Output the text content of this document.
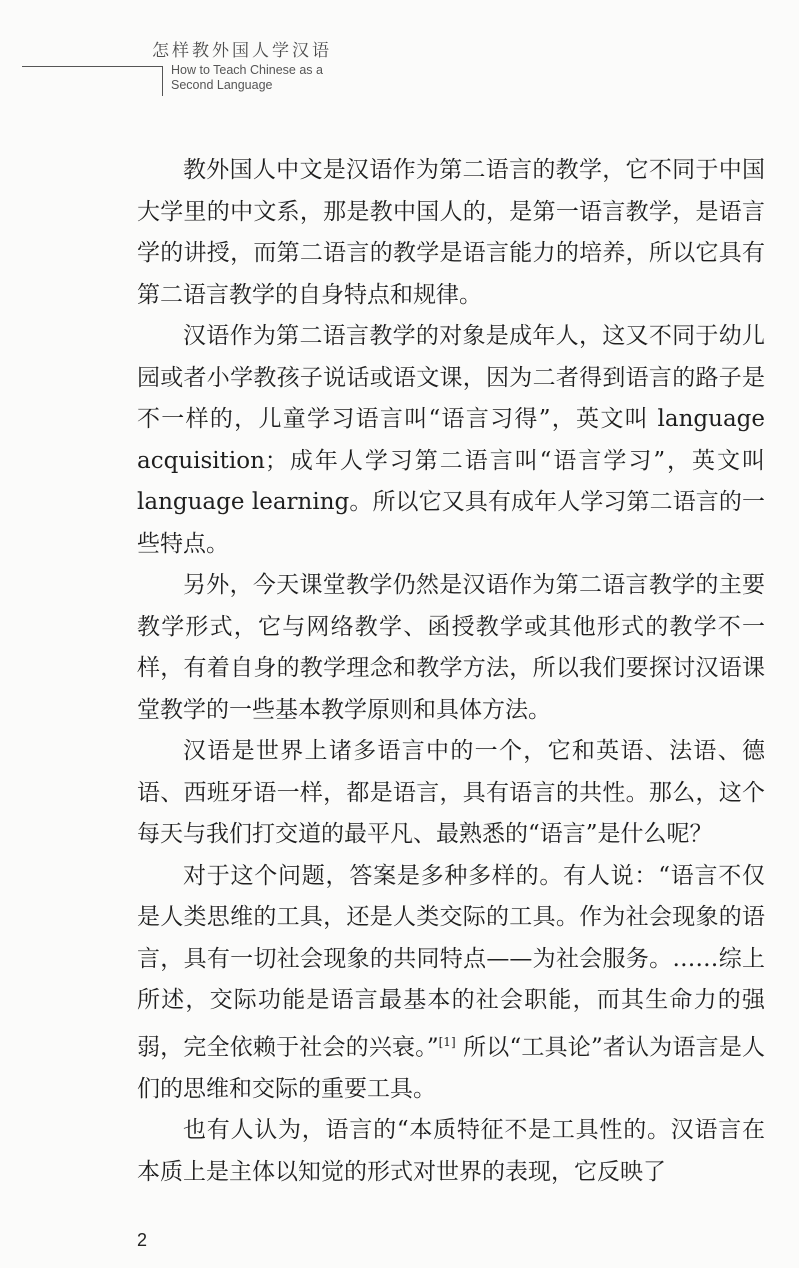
怎样教外国人学汉语
How to Teach Chinese as a
Second Language

教外国人中文是汉语作为第二语言的教学，它不同于中国大学里的中文系，那是教中国人的，是第一语言教学，是语言学的讲授，而第二语言的教学是语言能力的培养，所以它具有第二语言教学的自身特点和规律。

汉语作为第二语言教学的对象是成年人，这又不同于幼儿园或者小学教孩子说话或语文课，因为二者得到语言的路子是不一样的，儿童学习语言叫“语言习得”，英文叫 language acquisition；成年人学习第二语言叫“语言学习”，英文叫 language learning。所以它又具有成年人学习第二语言的一些特点。

另外，今天课堂教学仍然是汉语作为第二语言教学的主要教学形式，它与网络教学、函授教学或其他形式的教学不一样，有着自身的教学理念和教学方法，所以我们要探讨汉语课堂教学的一些基本教学原则和具体方法。

汉语是世界上诸多语言中的一个，它和英语、法语、德语、西班牙语一样，都是语言，具有语言的共性。那么，这个每天与我们打交道的最平凡、最熟悉的“语言”是什么呢？

对于这个问题，答案是多种多样的。有人说：“语言不仅是人类思维的工具，还是人类交际的工具。作为社会现象的语言，具有一切社会现象的共同特点——为社会服务。……综上所述，交际功能是语言最基本的社会职能，而其生命力的强弱，完全依赖于社会的兴衰。”[1] 所以“工具论”者认为语言是人们的思维和交际的重要工具。

也有人认为，语言的“本质特征不是工具性的。汉语言在本质上是主体以知觉的形式对世界的表现，它反映了

2
